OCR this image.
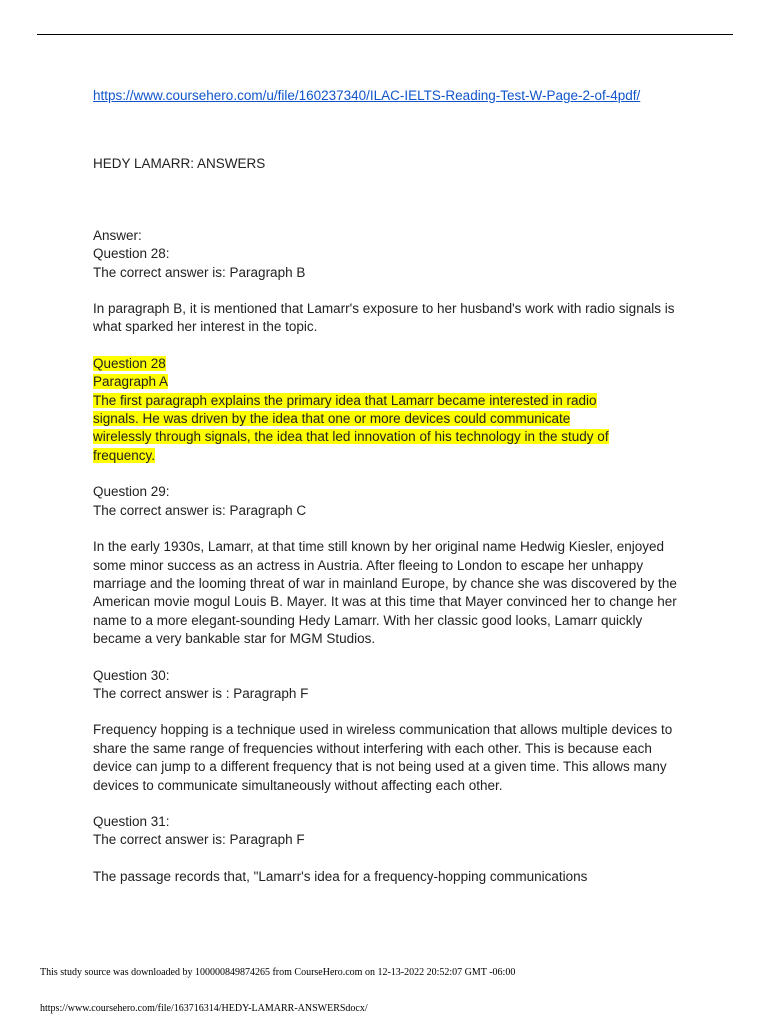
https://www.coursehero.com/u/file/160237340/ILAC-IELTS-Reading-Test-W-Page-2-of-4pdf/

HEDY LAMARR: ANSWERS

Answer:

Question 28:

The correct answer is: Paragraph B

In paragraph B, it is mentioned that Lamarr's exposure to her husband's work with radio signals is what sparked her interest in the topic.

Question 28
Paragraph A
The first paragraph explains the primary idea that Lamarr became interested in radio
signals. He was driven by the idea that one or more devices could communicate
wirelessly through signals, the idea that led innovation of his technology in the study of
frequency.

Question 29:

The correct answer is: Paragraph C

In the early 1930s, Lamarr, at that time still known by her original name Hedwig Kiesler, enjoyed some minor success as an actress in Austria. After fleeing to London to escape her unhappy marriage and the looming threat of war in mainland Europe, by chance she was discovered by the American movie mogul Louis B. Mayer. It was at this time that Mayer convinced her to change her name to a more elegant-sounding Hedy Lamarr. With her classic good looks, Lamarr quickly became a very bankable star for MGM Studios.

Question 30:

The correct answer is : Paragraph F

Frequency hopping is a technique used in wireless communication that allows multiple devices to share the same range of frequencies without interfering with each other. This is because each device can jump to a different frequency that is not being used at a given time. This allows many devices to communicate simultaneously without affecting each other.

Question 31:

The correct answer is: Paragraph F

The passage records that, "Lamarr's idea for a frequency-hopping communications

This study source was downloaded by 100000849874265 from CourseHero.com on 12-13-2022 20:52:07 GMT -06:00
https://www.coursehero.com/file/163716314/HEDY-LAMARR-ANSWERSdocx/
